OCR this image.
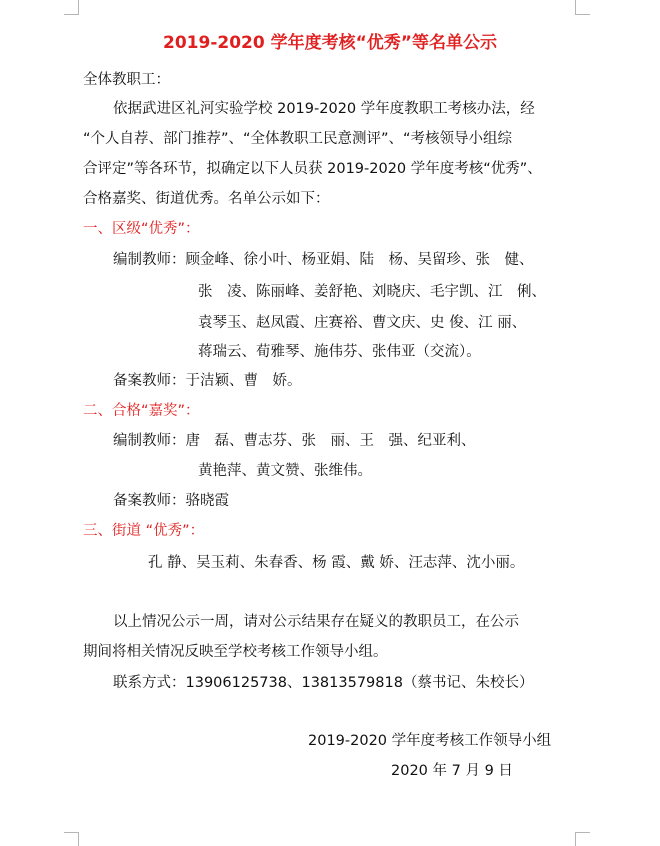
2019-2020 学年度考核“优秀”等名单公示

全体教职工：

依据武进区礼河实验学校 2019-2020 学年度教职工考核办法，经

“个人自荐、部门推荐”、“全体教职工民意测评”、“考核领导小组综

合评定”等各环节，拟确定以下人员获 2019-2020 学年度考核“优秀”、

合格嘉奖、街道优秀。名单公示如下：

一、区级“优秀”：

编制教师：顾金峰、徐小叶、杨亚娟、陆　杨、吴留珍、张　健、

张　凌、陈丽峰、姜舒艳、刘晓庆、毛宇凯、江　俐、

袁琴玉、赵凤霞、庄赛裕、曹文庆、史 俊、江 丽、

蒋瑞云、荀雅琴、施伟芬、张伟亚（交流）。

备案教师：于洁颖、曹　娇。

二、合格“嘉奖”：

编制教师：唐　磊、曹志芬、张　丽、王　强、纪亚利、

黄艳萍、黄文赞、张维伟。

备案教师：骆晓霞

三、街道 “优秀”：

孔 静、吴玉莉、朱春香、杨 霞、戴 娇、汪志萍、沈小丽。

以上情况公示一周，请对公示结果存在疑义的教职员工，在公示

期间将相关情况反映至学校考核工作领导小组。

联系方式：13906125738、13813579818（蔡书记、朱校长）

2019-2020 学年度考核工作领导小组

2020 年 7 月 9 日
